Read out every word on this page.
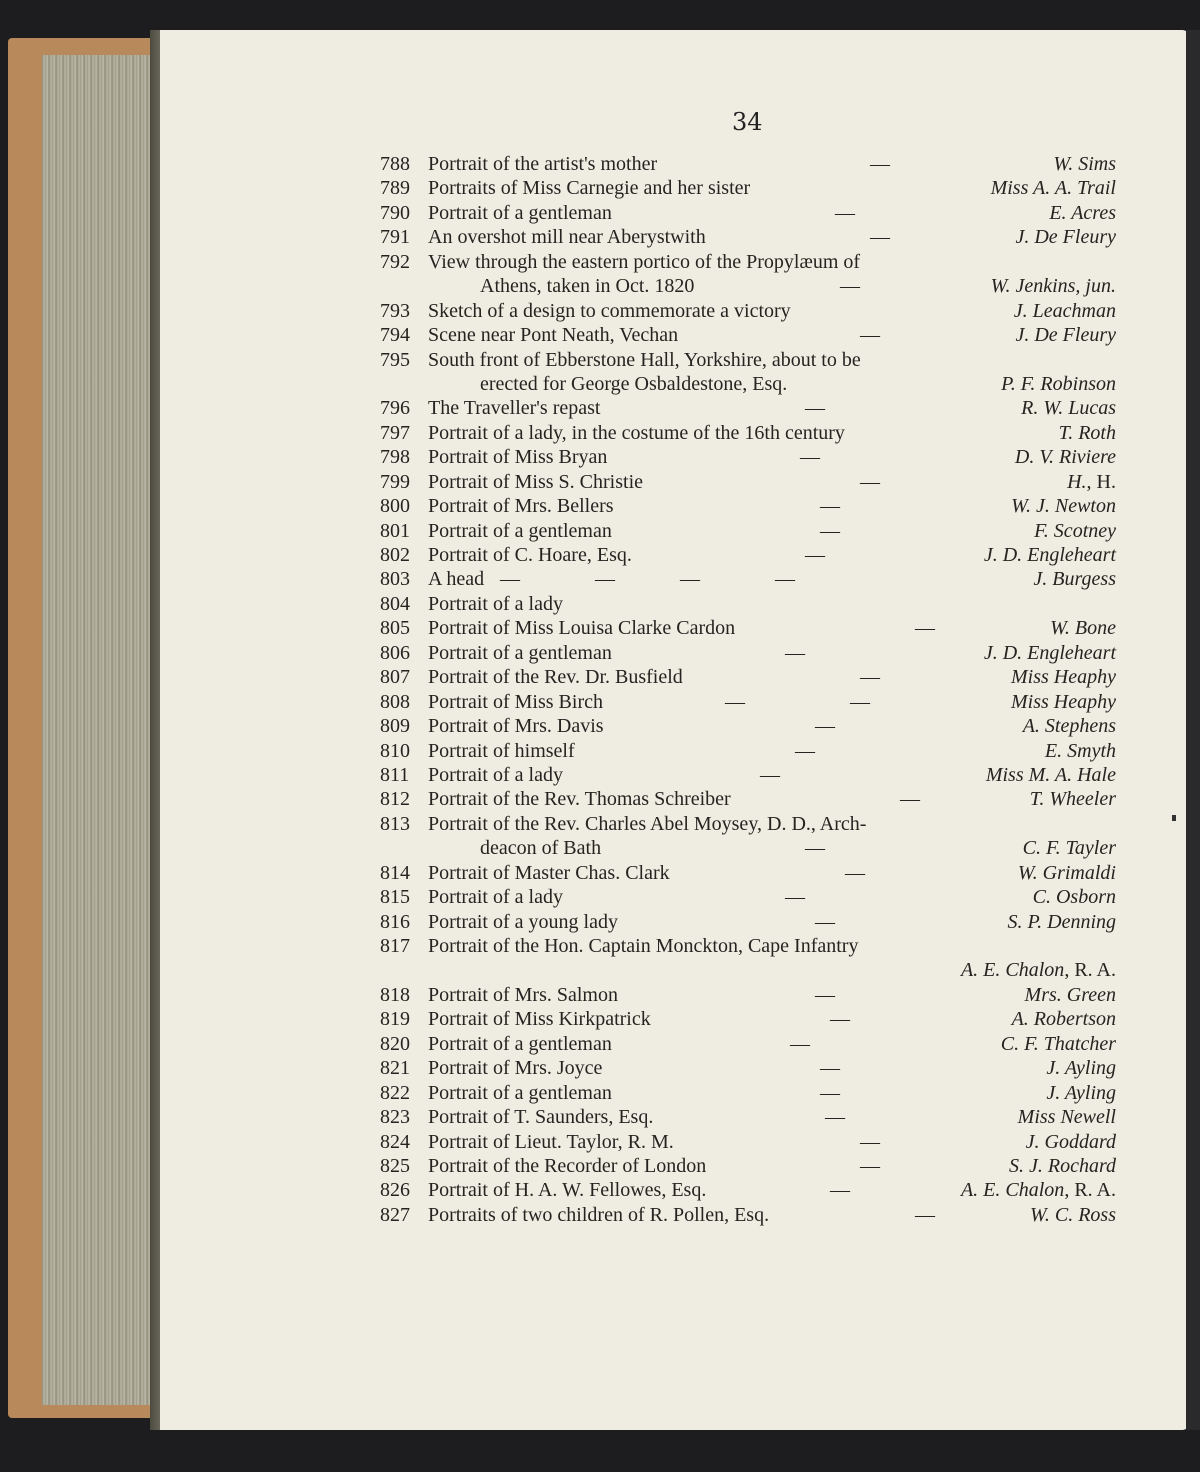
34
788 Portrait of the artist's mother	—	W. Sims
789 Portraits of Miss Carnegie and her sister	Miss A. A. Trail
790 Portrait of a gentleman	—	E. Acres
791 An overshot mill near Aberystwith	—	J. De Fleury
792 View through the eastern portico of the Propylæum of
Athens, taken in Oct. 1820	—	W. Jenkins, jun.
793 Sketch of a design to commemorate a victory	J. Leachman
794 Scene near Pont Neath, Vechan	—	J. De Fleury
795 South front of Ebberstone Hall, Yorkshire, about to be
erected for George Osbaldestone, Esq.	P. F. Robinson
796 The Traveller's repast	—	R. W. Lucas
797 Portrait of a lady, in the costume of the 16th century	T. Roth
798 Portrait of Miss Bryan	—	D. V. Riviere
799 Portrait of Miss S. Christie	—	H., H.
800 Portrait of Mrs. Bellers	—	W. J. Newton
801 Portrait of a gentleman	—	F. Scotney
802 Portrait of C. Hoare, Esq.	—	J. D. Engleheart
803 A head —	—	—	—	J. Burgess
804 Portrait of a lady
805 Portrait of Miss Louisa Clarke Cardon	—	W. Bone
806 Portrait of a gentleman	—	J. D. Engleheart
807 Portrait of the Rev. Dr. Busfield	—	Miss Heaphy
808 Portrait of Miss Birch	—	—	Miss Heaphy
809 Portrait of Mrs. Davis	—	A. Stephens
810 Portrait of himself	—	E. Smyth
811 Portrait of a lady	—	Miss M. A. Hale
812 Portrait of the Rev. Thomas Schreiber	—	T. Wheeler
813 Portrait of the Rev. Charles Abel Moysey, D. D., Arch-
deacon of Bath	—	C. F. Tayler
814 Portrait of Master Chas. Clark	—	W. Grimaldi
815 Portrait of a lady	—	C. Osborn
816 Portrait of a young lady	—	S. P. Denning
817 Portrait of the Hon. Captain Monckton, Cape Infantry
A. E. Chalon, R. A.
818 Portrait of Mrs. Salmon	—	Mrs. Green
819 Portrait of Miss Kirkpatrick	—	A. Robertson
820 Portrait of a gentleman	—	C. F. Thatcher
821 Portrait of Mrs. Joyce	—	J. Ayling
822 Portrait of a gentleman	—	J. Ayling
823 Portrait of T. Saunders, Esq.	—	Miss Newell
824 Portrait of Lieut. Taylor, R. M.	—	J. Goddard
825 Portrait of the Recorder of London	—	S. J. Rochard
826 Portrait of H. A. W. Fellowes, Esq.	—	A. E. Chalon, R. A.
827 Portraits of two children of R. Pollen, Esq.	—	W. C. Ross
